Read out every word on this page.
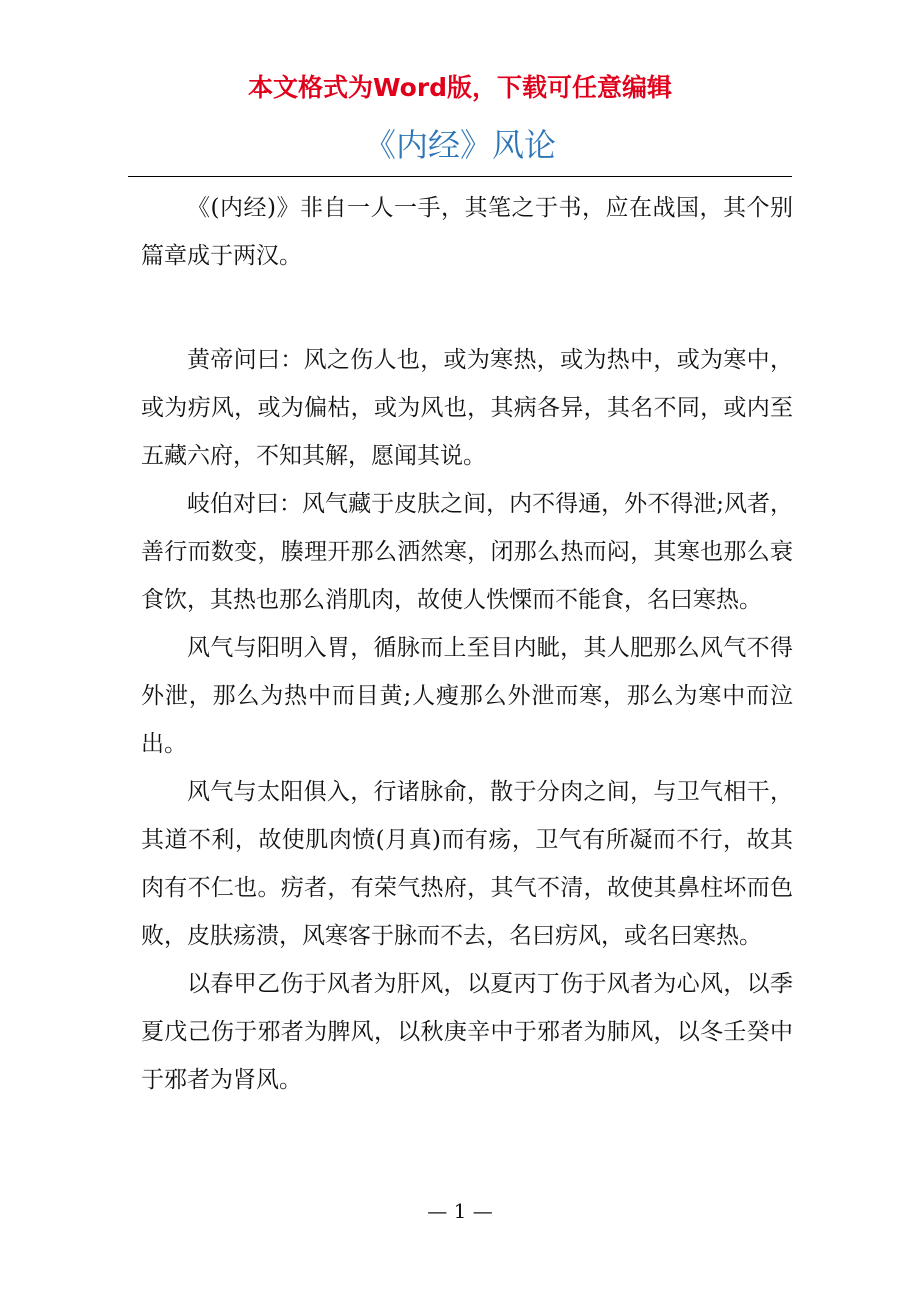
本文格式为Word版，下载可任意编辑
《内经》风论

《(内经)》非自一人一手，其笔之于书，应在战国，其个别篇章成于两汉。

黄帝问曰：风之伤人也，或为寒热，或为热中，或为寒中，或为疠风，或为偏枯，或为风也，其病各异，其名不同，或内至五藏六府，不知其解，愿闻其说。

岐伯对曰：风气藏于皮肤之间，内不得通，外不得泄;风者，善行而数变，腠理开那么洒然寒，闭那么热而闷，其寒也那么衰食饮，其热也那么消肌肉，故使人怢慄而不能食，名曰寒热。

风气与阳明入胃，循脉而上至目内眦，其人肥那么风气不得外泄，那么为热中而目黄;人瘦那么外泄而寒，那么为寒中而泣出。

风气与太阳俱入，行诸脉俞，散于分肉之间，与卫气相干，其道不利，故使肌肉愤(月真)而有疡，卫气有所凝而不行，故其肉有不仁也。疠者，有荣气热府，其气不清，故使其鼻柱坏而色败，皮肤疡溃，风寒客于脉而不去，名曰疠风，或名曰寒热。

以春甲乙伤于风者为肝风，以夏丙丁伤于风者为心风，以季夏戊己伤于邪者为脾风，以秋庚辛中于邪者为肺风，以冬壬癸中于邪者为肾风。

— 1 —
